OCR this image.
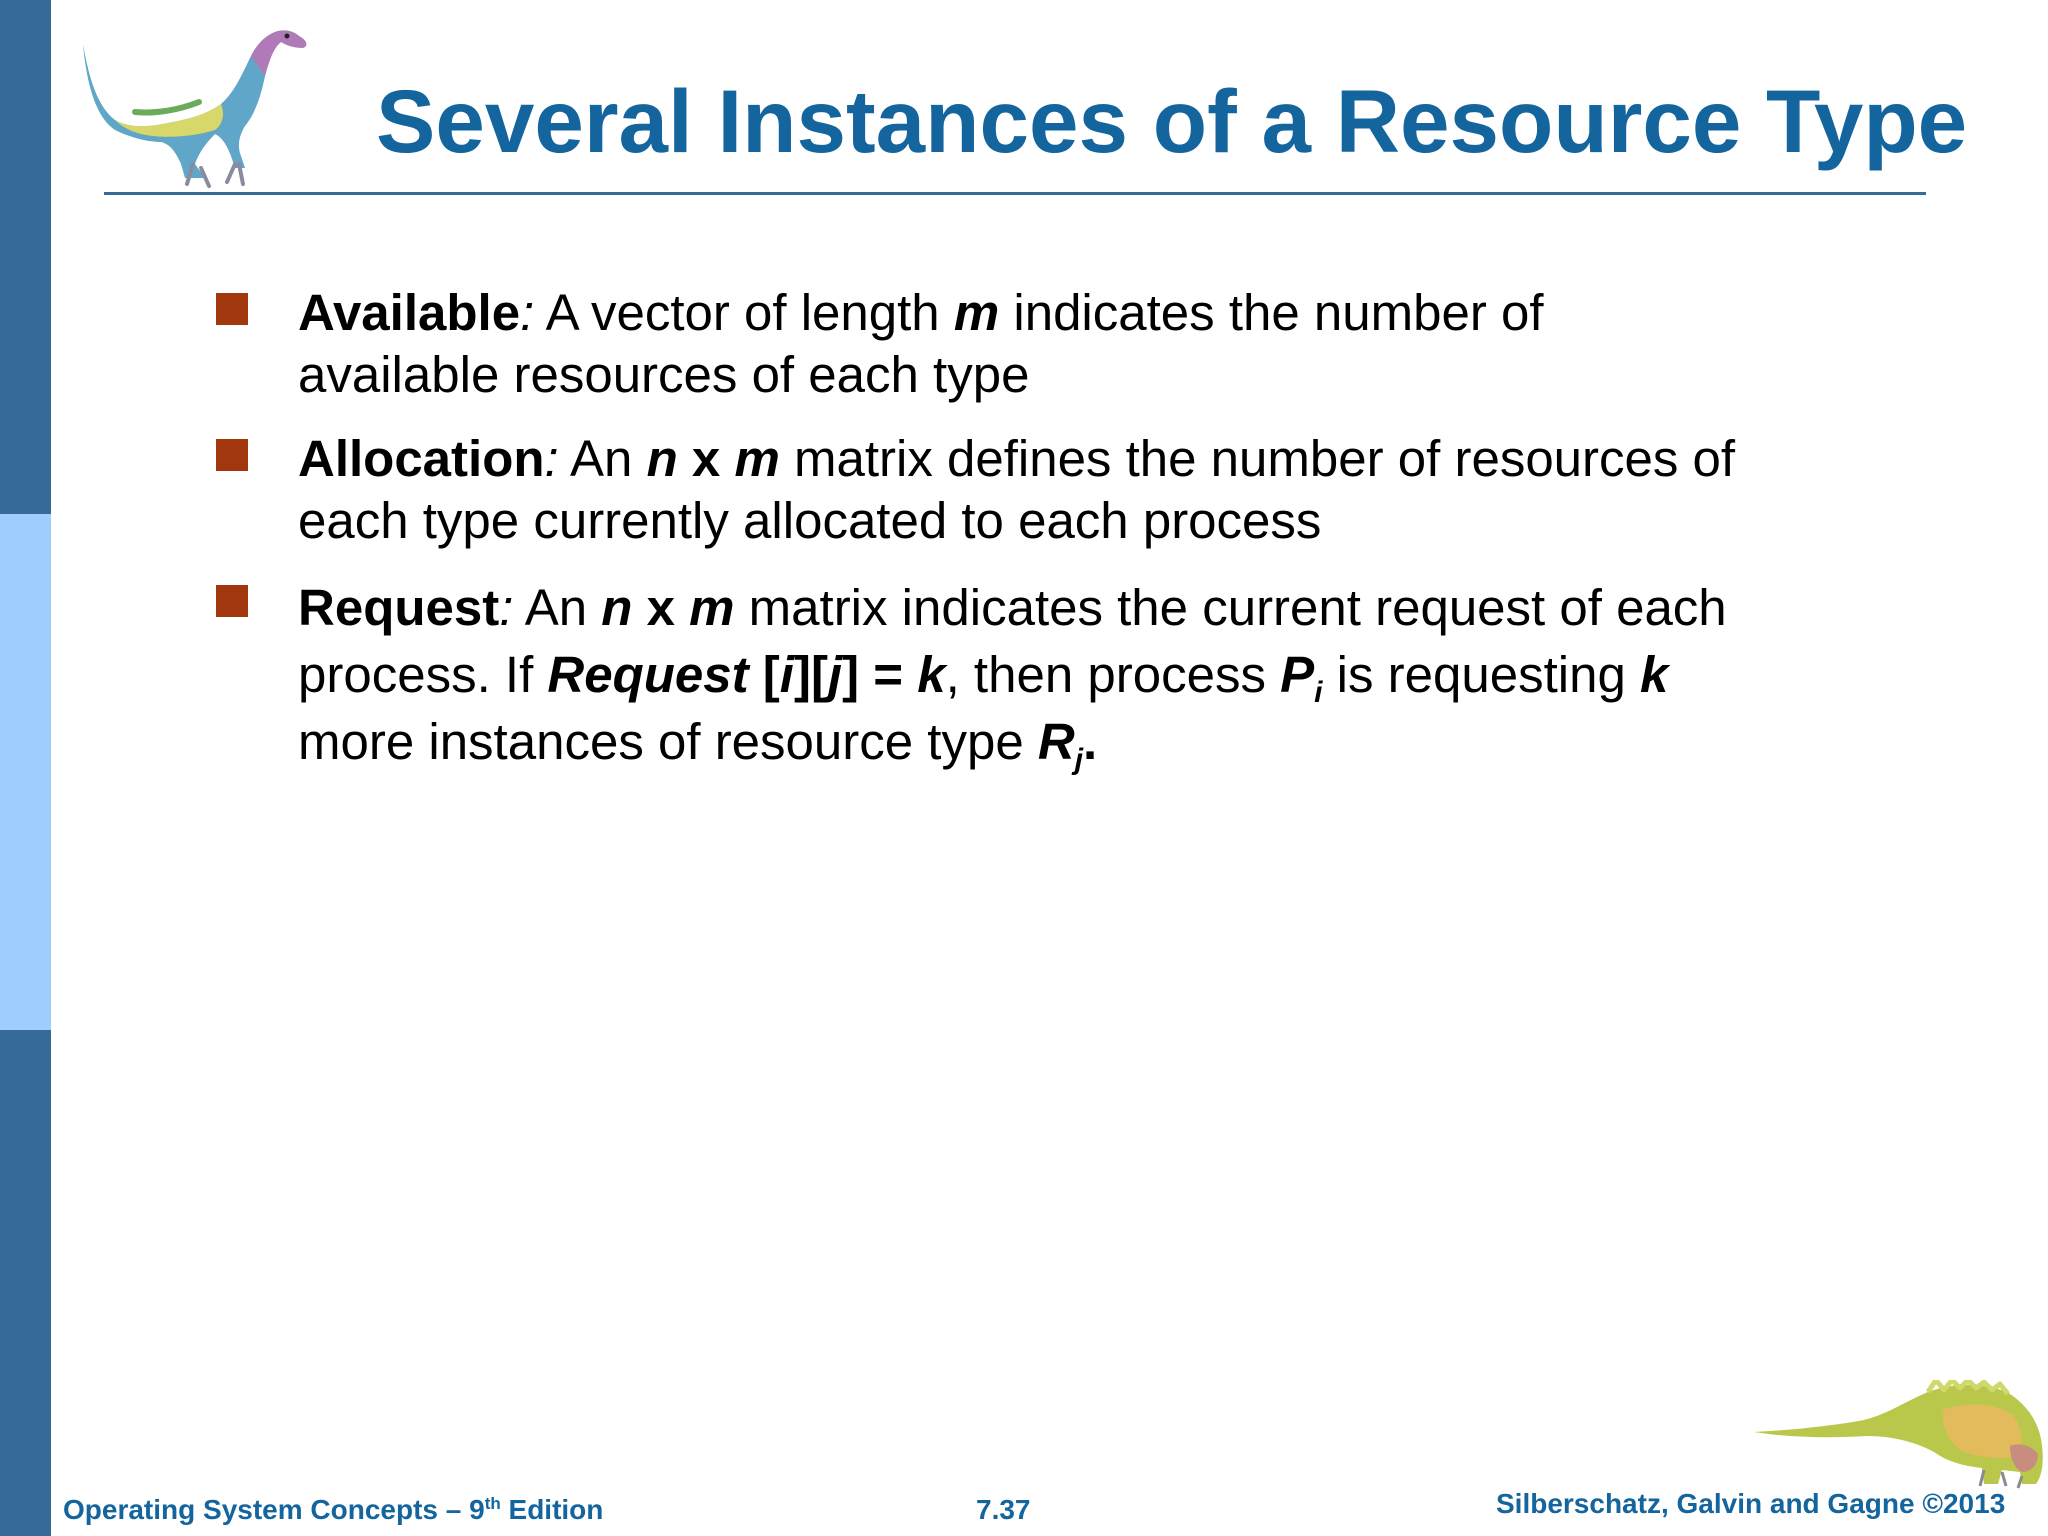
Several Instances of a Resource Type
Available: A vector of length m indicates the number of available resources of each type
Allocation: An n x m matrix defines the number of resources of each type currently allocated to each process
Request: An n x m matrix indicates the current request of each process. If Request [i][j] = k, then process $P_i$ is requesting k more instances of resource type $R_j$.
Operating System Concepts – 9th Edition	7.37	Silberschatz, Galvin and Gagne ©2013
